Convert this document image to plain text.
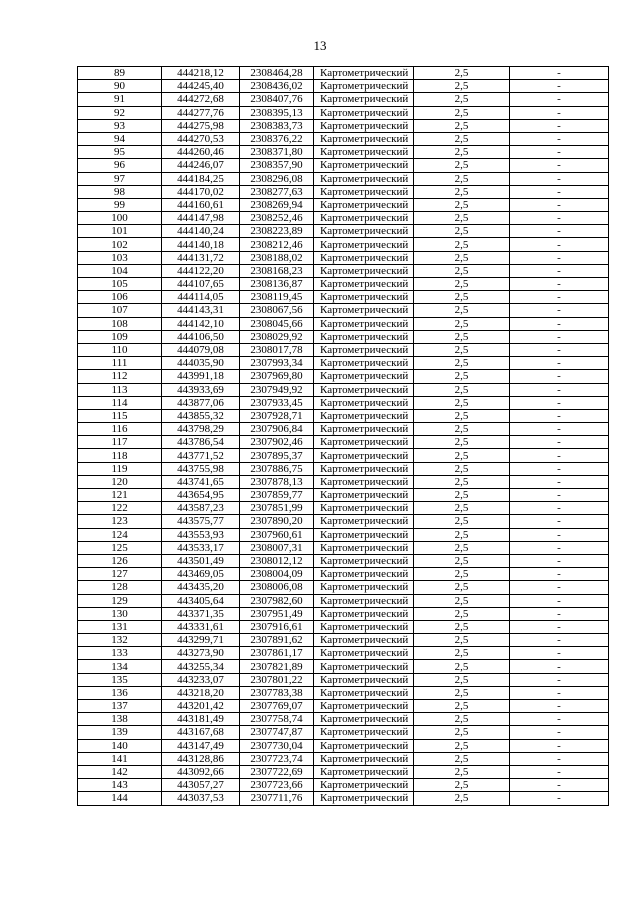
13
89	444218,12	2308464,28	Картометрический	2,5	-
90	444245,40	2308436,02	Картометрический	2,5	-
91	444272,68	2308407,76	Картометрический	2,5	-
92	444277,76	2308395,13	Картометрический	2,5	-
93	444275,98	2308383,73	Картометрический	2,5	-
94	444270,53	2308376,22	Картометрический	2,5	-
95	444260,46	2308371,80	Картометрический	2,5	-
96	444246,07	2308357,90	Картометрический	2,5	-
97	444184,25	2308296,08	Картометрический	2,5	-
98	444170,02	2308277,63	Картометрический	2,5	-
99	444160,61	2308269,94	Картометрический	2,5	-
100	444147,98	2308252,46	Картометрический	2,5	-
101	444140,24	2308223,89	Картометрический	2,5	-
102	444140,18	2308212,46	Картометрический	2,5	-
103	444131,72	2308188,02	Картометрический	2,5	-
104	444122,20	2308168,23	Картометрический	2,5	-
105	444107,65	2308136,87	Картометрический	2,5	-
106	444114,05	2308119,45	Картометрический	2,5	-
107	444143,31	2308067,56	Картометрический	2,5	-
108	444142,10	2308045,66	Картометрический	2,5	-
109	444106,50	2308029,92	Картометрический	2,5	-
110	444079,08	2308017,78	Картометрический	2,5	-
111	444035,90	2307993,34	Картометрический	2,5	-
112	443991,18	2307969,80	Картометрический	2,5	-
113	443933,69	2307949,92	Картометрический	2,5	-
114	443877,06	2307933,45	Картометрический	2,5	-
115	443855,32	2307928,71	Картометрический	2,5	-
116	443798,29	2307906,84	Картометрический	2,5	-
117	443786,54	2307902,46	Картометрический	2,5	-
118	443771,52	2307895,37	Картометрический	2,5	-
119	443755,98	2307886,75	Картометрический	2,5	-
120	443741,65	2307878,13	Картометрический	2,5	-
121	443654,95	2307859,77	Картометрический	2,5	-
122	443587,23	2307851,99	Картометрический	2,5	-
123	443575,77	2307890,20	Картометрический	2,5	-
124	443553,93	2307960,61	Картометрический	2,5	-
125	443533,17	2308007,31	Картометрический	2,5	-
126	443501,49	2308012,12	Картометрический	2,5	-
127	443469,05	2308004,09	Картометрический	2,5	-
128	443435,20	2308006,08	Картометрический	2,5	-
129	443405,64	2307982,60	Картометрический	2,5	-
130	443371,35	2307951,49	Картометрический	2,5	-
131	443331,61	2307916,61	Картометрический	2,5	-
132	443299,71	2307891,62	Картометрический	2,5	-
133	443273,90	2307861,17	Картометрический	2,5	-
134	443255,34	2307821,89	Картометрический	2,5	-
135	443233,07	2307801,22	Картометрический	2,5	-
136	443218,20	2307783,38	Картометрический	2,5	-
137	443201,42	2307769,07	Картометрический	2,5	-
138	443181,49	2307758,74	Картометрический	2,5	-
139	443167,68	2307747,87	Картометрический	2,5	-
140	443147,49	2307730,04	Картометрический	2,5	-
141	443128,86	2307723,74	Картометрический	2,5	-
142	443092,66	2307722,69	Картометрический	2,5	-
143	443057,27	2307723,66	Картометрический	2,5	-
144	443037,53	2307711,76	Картометрический	2,5	-
